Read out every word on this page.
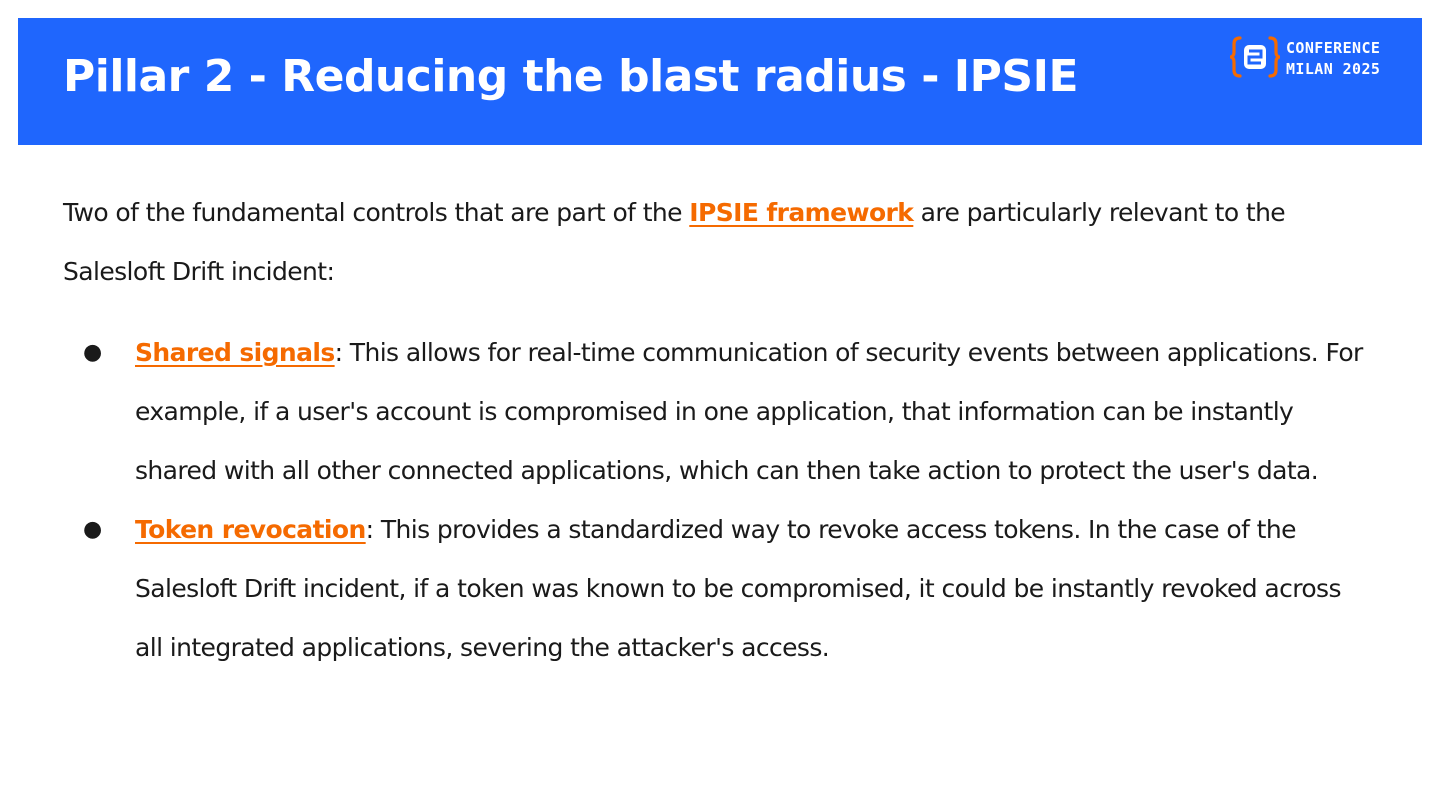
Pillar 2 - Reducing the blast radius - IPSIE
CONFERENCE
MILAN 2025

Two of the fundamental controls that are part of the IPSIE framework are particularly relevant to the Salesloft Drift incident:

● Shared signals: This allows for real-time communication of security events between applications. For example, if a user's account is compromised in one application, that information can be instantly shared with all other connected applications, which can then take action to protect the user's data.
● Token revocation: This provides a standardized way to revoke access tokens. In the case of the Salesloft Drift incident, if a token was known to be compromised, it could be instantly revoked across all integrated applications, severing the attacker's access.
